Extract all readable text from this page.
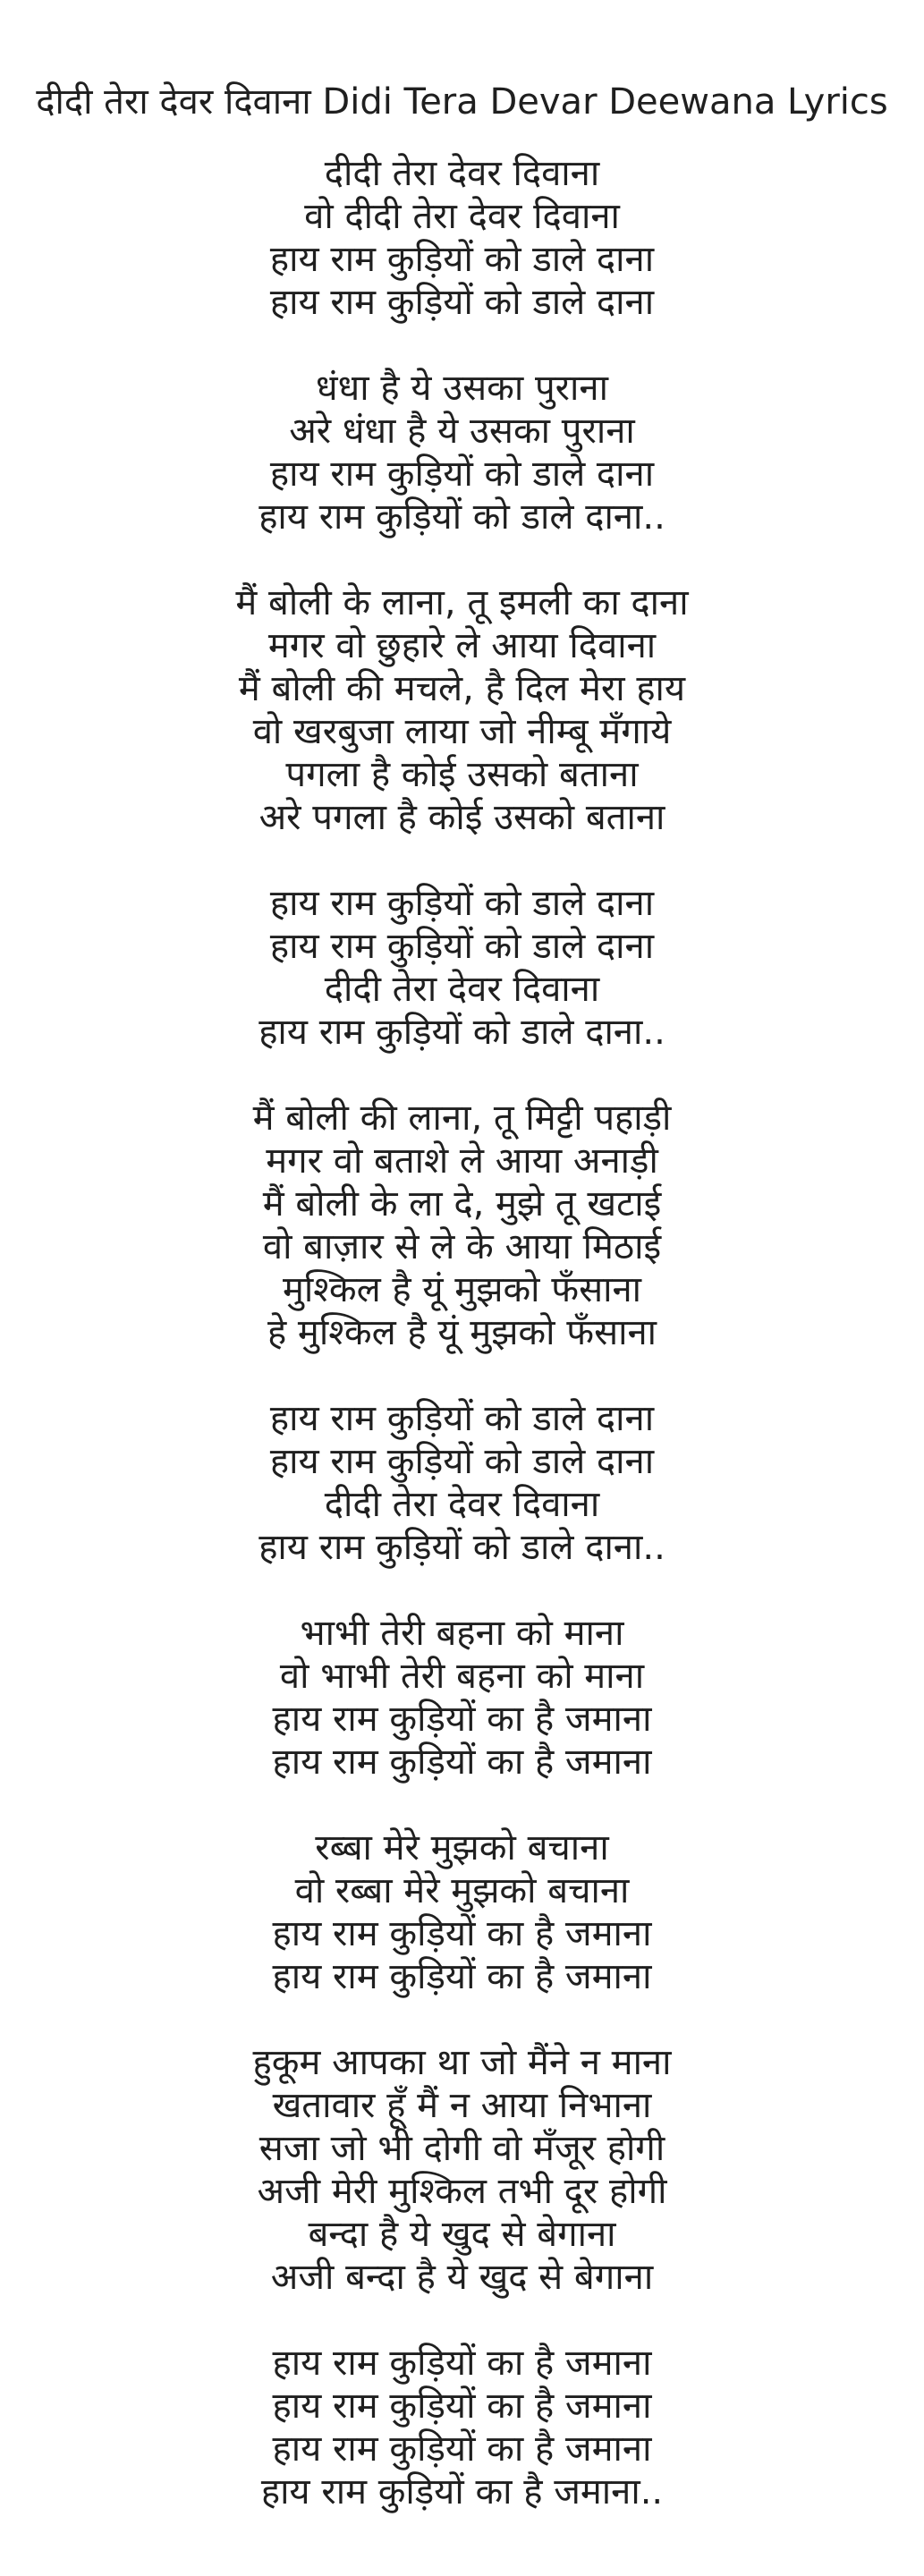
दीदी तेरा देवर दिवाना Didi Tera Devar Deewana Lyrics
दीदी तेरा देवर दिवाना
वो दीदी तेरा देवर दिवाना
हाय राम कुड़ियों को डाले दाना
हाय राम कुड़ियों को डाले दाना
धंधा है ये उसका पुराना
अरे धंधा है ये उसका पुराना
हाय राम कुड़ियों को डाले दाना
हाय राम कुड़ियों को डाले दाना..
मैं बोली के लाना, तू इमली का दाना
मगर वो छुहारे ले आया दिवाना
मैं बोली की मचले, है दिल मेरा हाय
वो खरबुजा लाया जो नीम्बू मँगाये
पगला है कोई उसको बताना
अरे पगला है कोई उसको बताना
हाय राम कुड़ियों को डाले दाना
हाय राम कुड़ियों को डाले दाना
दीदी तेरा देवर दिवाना
हाय राम कुड़ियों को डाले दाना..
मैं बोली की लाना, तू मिट्टी पहाड़ी
मगर वो बताशे ले आया अनाड़ी
मैं बोली के ला दे, मुझे तू खटाई
वो बाज़ार से ले के आया मिठाई
मुश्किल है यूं मुझको फँसाना
हे मुश्किल है यूं मुझको फँसाना
हाय राम कुड़ियों को डाले दाना
हाय राम कुड़ियों को डाले दाना
दीदी तेरा देवर दिवाना
हाय राम कुड़ियों को डाले दाना..
भाभी तेरी बहना को माना
वो भाभी तेरी बहना को माना
हाय राम कुड़ियों का है जमाना
हाय राम कुड़ियों का है जमाना
रब्बा मेरे मुझको बचाना
वो रब्बा मेरे मुझको बचाना
हाय राम कुड़ियों का है जमाना
हाय राम कुड़ियों का है जमाना
हुकूम आपका था जो मैंने न माना
खतावार हूँ मैं न आया निभाना
सजा जो भी दोगी वो मँजूर होगी
अजी मेरी मुश्किल तभी दूर होगी
बन्दा है ये खुद से बेगाना
अजी बन्दा है ये खुद से बेगाना
हाय राम कुड़ियों का है जमाना
हाय राम कुड़ियों का है जमाना
हाय राम कुड़ियों का है जमाना
हाय राम कुड़ियों का है जमाना..
